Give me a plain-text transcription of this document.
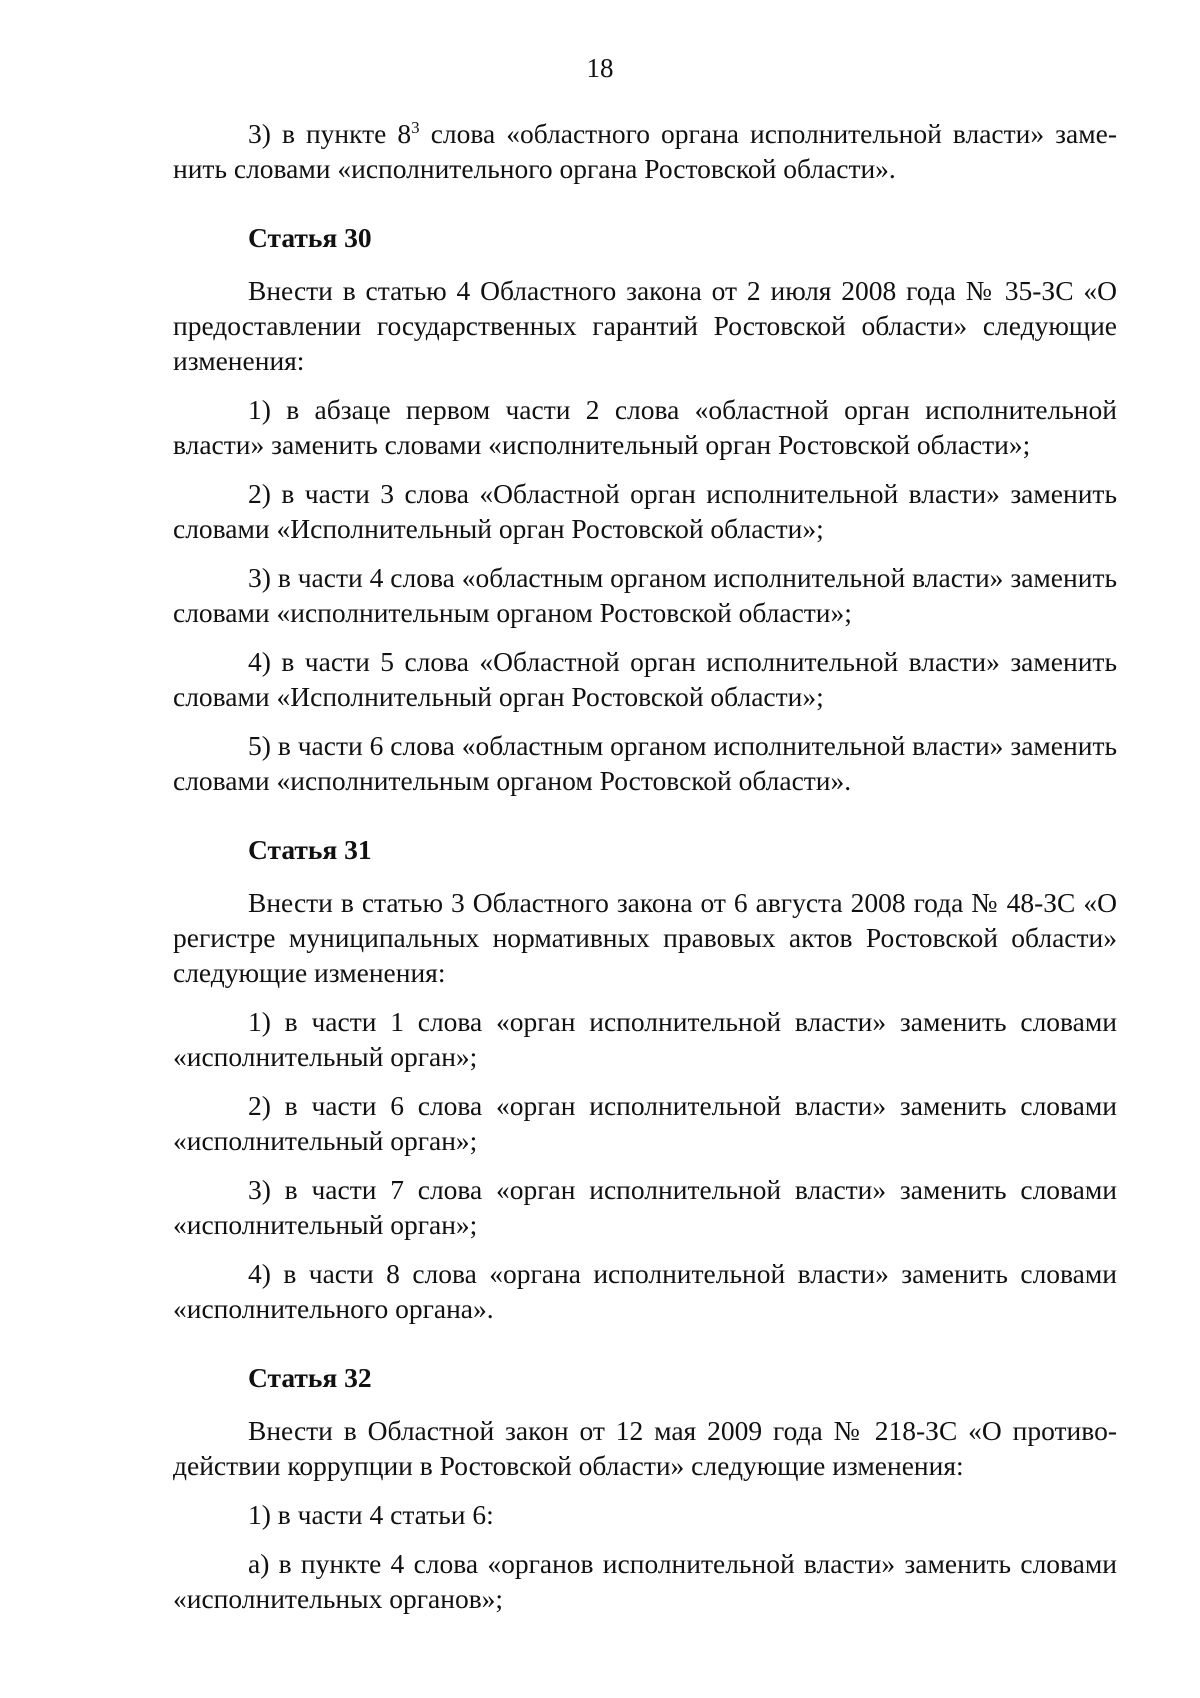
18

3) в пункте $8^3$ слова «областного органа исполнительной власти» заменить словами «исполнительного органа Ростовской области».

Статья 30

Внести в статью 4 Областного закона от 2 июля 2008 года № 35-ЗС «О предоставлении государственных гарантий Ростовской области» следующие изменения:

1) в абзаце первом части 2 слова «областной орган исполнительной власти» заменить словами «исполнительный орган Ростовской области»;

2) в части 3 слова «Областной орган исполнительной власти» заменить словами «Исполнительный орган Ростовской области»;

3) в части 4 слова «областным органом исполнительной власти» заменить словами «исполнительным органом Ростовской области»;

4) в части 5 слова «Областной орган исполнительной власти» заменить словами «Исполнительный орган Ростовской области»;

5) в части 6 слова «областным органом исполнительной власти» заменить словами «исполнительным органом Ростовской области».

Статья 31

Внести в статью 3 Областного закона от 6 августа 2008 года № 48-ЗС «О регистре муниципальных нормативных правовых актов Ростовской области» следующие изменения:

1) в части 1 слова «орган исполнительной власти» заменить словами «исполнительный орган»;

2) в части 6 слова «орган исполнительной власти» заменить словами «исполнительный орган»;

3) в части 7 слова «орган исполнительной власти» заменить словами «исполнительный орган»;

4) в части 8 слова «органа исполнительной власти» заменить словами «исполнительного органа».

Статья 32

Внести в Областной закон от 12 мая 2009 года № 218-ЗС «О противодействии коррупции в Ростовской области» следующие изменения:

1) в части 4 статьи 6:

а) в пункте 4 слова «органов исполнительной власти» заменить словами «исполнительных органов»;
